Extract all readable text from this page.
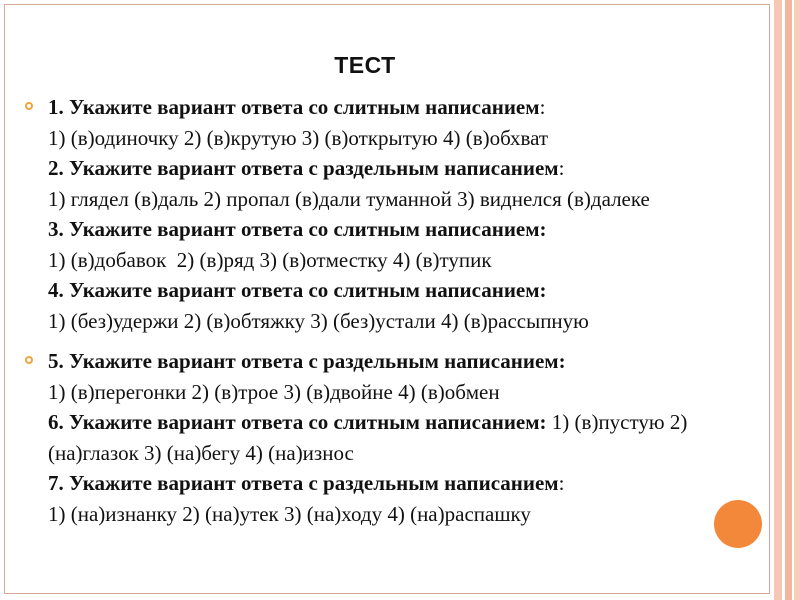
ТЕСТ
1. Укажите вариант ответа со слитным написанием:
1) (в)одиночку 2) (в)крутую 3) (в)открытую 4) (в)обхват
2. Укажите вариант ответа с раздельным написанием:
1) глядел (в)даль 2) пропал (в)дали туманной 3) виднелся (в)далеке
3. Укажите вариант ответа со слитным написанием:
1) (в)добавок  2) (в)ряд 3) (в)отместку 4) (в)тупик
4. Укажите вариант ответа со слитным написанием:
1) (без)удержи 2) (в)обтяжку 3) (без)устали 4) (в)рассыпную
5. Укажите вариант ответа с раздельным написанием:
1) (в)перегонки 2) (в)трое 3) (в)двойне 4) (в)обмен
6. Укажите вариант ответа со слитным написанием: 1) (в)пустую 2) (на)глазок 3) (на)бегу 4) (на)износ
7. Укажите вариант ответа с раздельным написанием:
1) (на)изнанку 2) (на)утек 3) (на)ходу 4) (на)распашку
